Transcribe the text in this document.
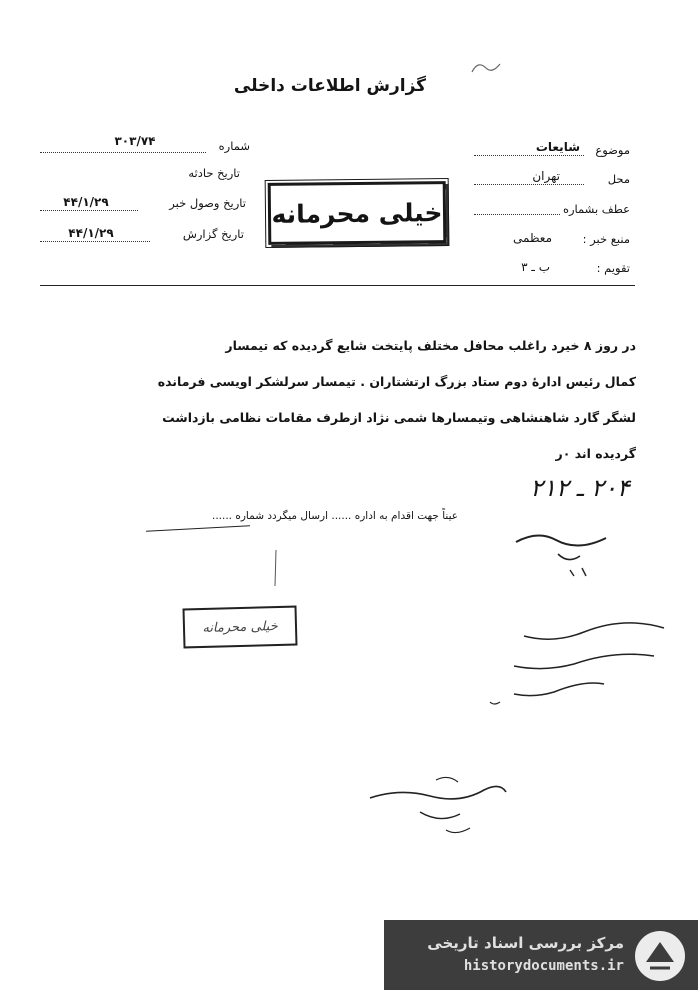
گزارش اطلاعات داخلی
شماره
۳۰۳/۷۴
تاریخ حادثه
تاریخ وصول خبر
۴۴/۱/۲۹
تاریخ گزارش
۴۴/۱/۲۹
خیلی محرمانه
موضوع
شایعات
محل
تهران
عطف بشماره
منبع خبر :
معظمی
تقویم :
ب ـ ۳
در روز ۸ خیرد راغلب محافل مختلف پایتخت شایع گردیده که تیمسار
کمال رئیس ادارهٔ دوم ستاد بزرگ ارتشتاران . تیمسار سرلشکر اویسی فرمانده
لشگر گارد شاهنشاهی وتیمسارها شمی نژاد ازطرف مقامات نظامی بازداشت
گردیده اند ۰ر
۲۰۴ ـ ۲۱۲
عیناً جهت اقدام به اداره ...... ارسال میگردد شماره ......
خیلی محرمانه
مرکز بررسی اسناد تاریخی
historydocuments.ir
